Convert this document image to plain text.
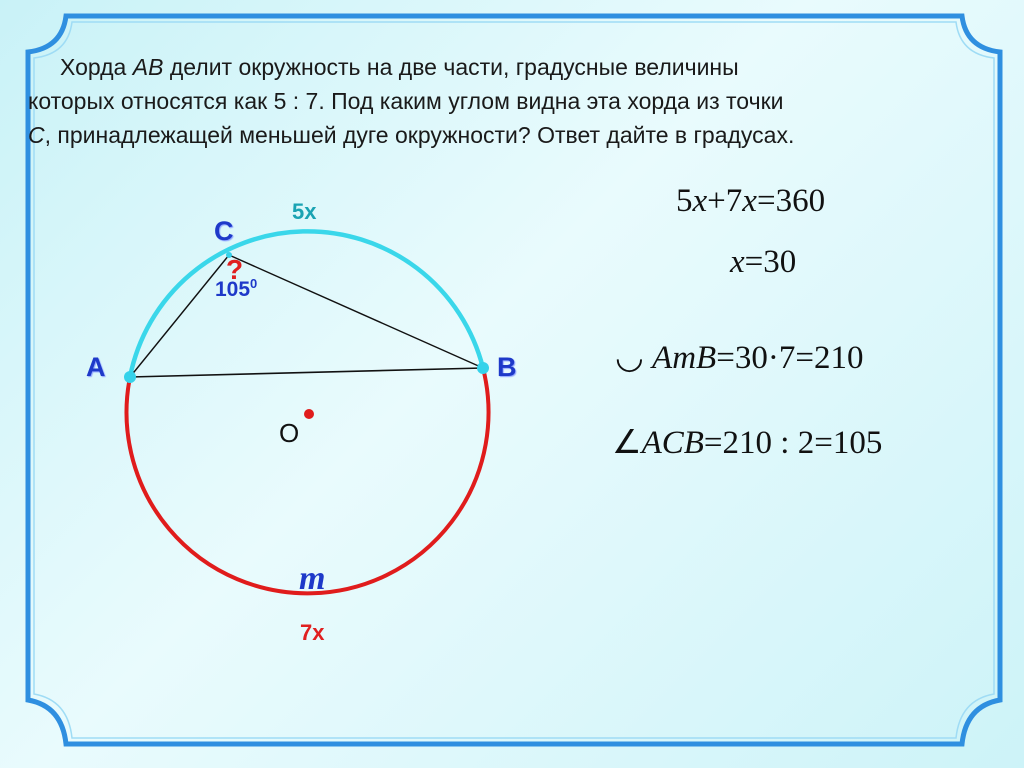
Хорда AB делит окружность на две части, градусные величины
которых относятся как 5 : 7. Под каким углом видна эта хорда из точки
C, принадлежащей меньшей дуге окружности? Ответ дайте в градусах.
A	B
C
O
5x
m
7x
?
$105^0$
5x+7x=360
x=30
◡ AmB=30·7=210
∠ACB=210 : 2=105
